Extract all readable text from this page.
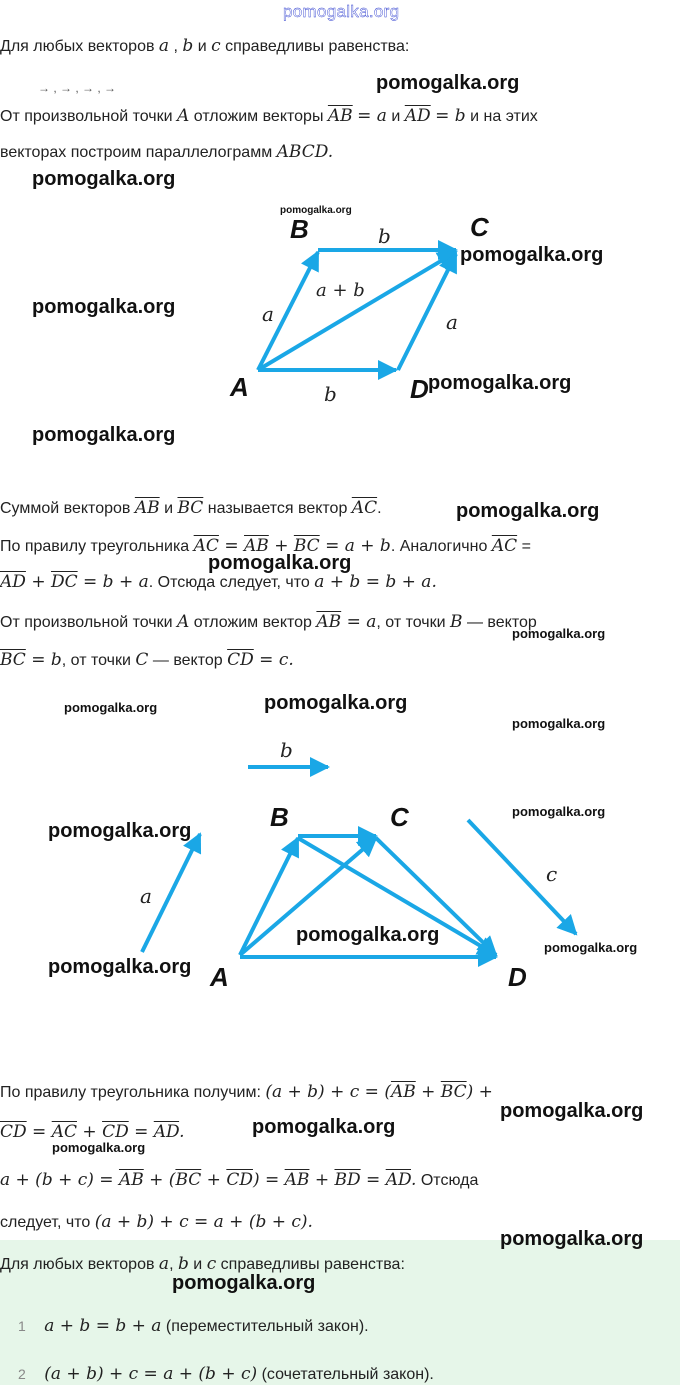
pomogalka.org
Для любых векторов a , b и c справедливы равенства:
→ , → , → , →
От произвольной точки A отложим векторы $\overline{AB} = a$ и $\overline{AD} = b$ и на этих
векторах построим параллелограмм ABCD.
B	C
A	D
b
a
a + b
a
b
Суммой векторов $\overline{AB}$ и $\overline{BC}$ называется вектор $\overline{AC}$.
По правилу треугольника $\overline{AC} = \overline{AB} + \overline{BC} = a + b$. Аналогично $\overline{AC}$ =
$\overline{AD} + \overline{DC} = b + a$. Отсюда следует, что a + b = b + a.
От произвольной точки A отложим вектор $\overline{AB} = a$, от точки B — вектор
$\overline{BC} = b$, от точки C — вектор $\overline{CD} = c$.
b
a
c
B	C
A	D
По правилу треугольника получим: $(a + b) + c = (\overline{AB} + \overline{BC})$ +
$\overline{CD} = \overline{AC} + \overline{CD} = \overline{AD}$.
$a + (b + c) = \overline{AB} + (\overline{BC} + \overline{CD}) = \overline{AB} + \overline{BD} = \overline{AD}$. Отсюда
следует, что (a + b) + c = a + (b + c).
Для любых векторов a, b и c справедливы равенства:
1 a + b = b + a (переместительный закон).
2 (a + b) + c = a + (b + c) (сочетательный закон).
pomogalka.org
pomogalka.org
pomogalka.org
pomogalka.org
pomogalka.org
pomogalka.org
pomogalka.org
pomogalka.org
pomogalka.org
pomogalka.org
pomogalka.org	pomogalka.org
pomogalka.org
pomogalka.org
pomogalka.org
pomogalka.org
pomogalka.org
pomogalka.org
pomogalka.org
pomogalka.org
pomogalka.org
pomogalka.org
pomogalka.org
